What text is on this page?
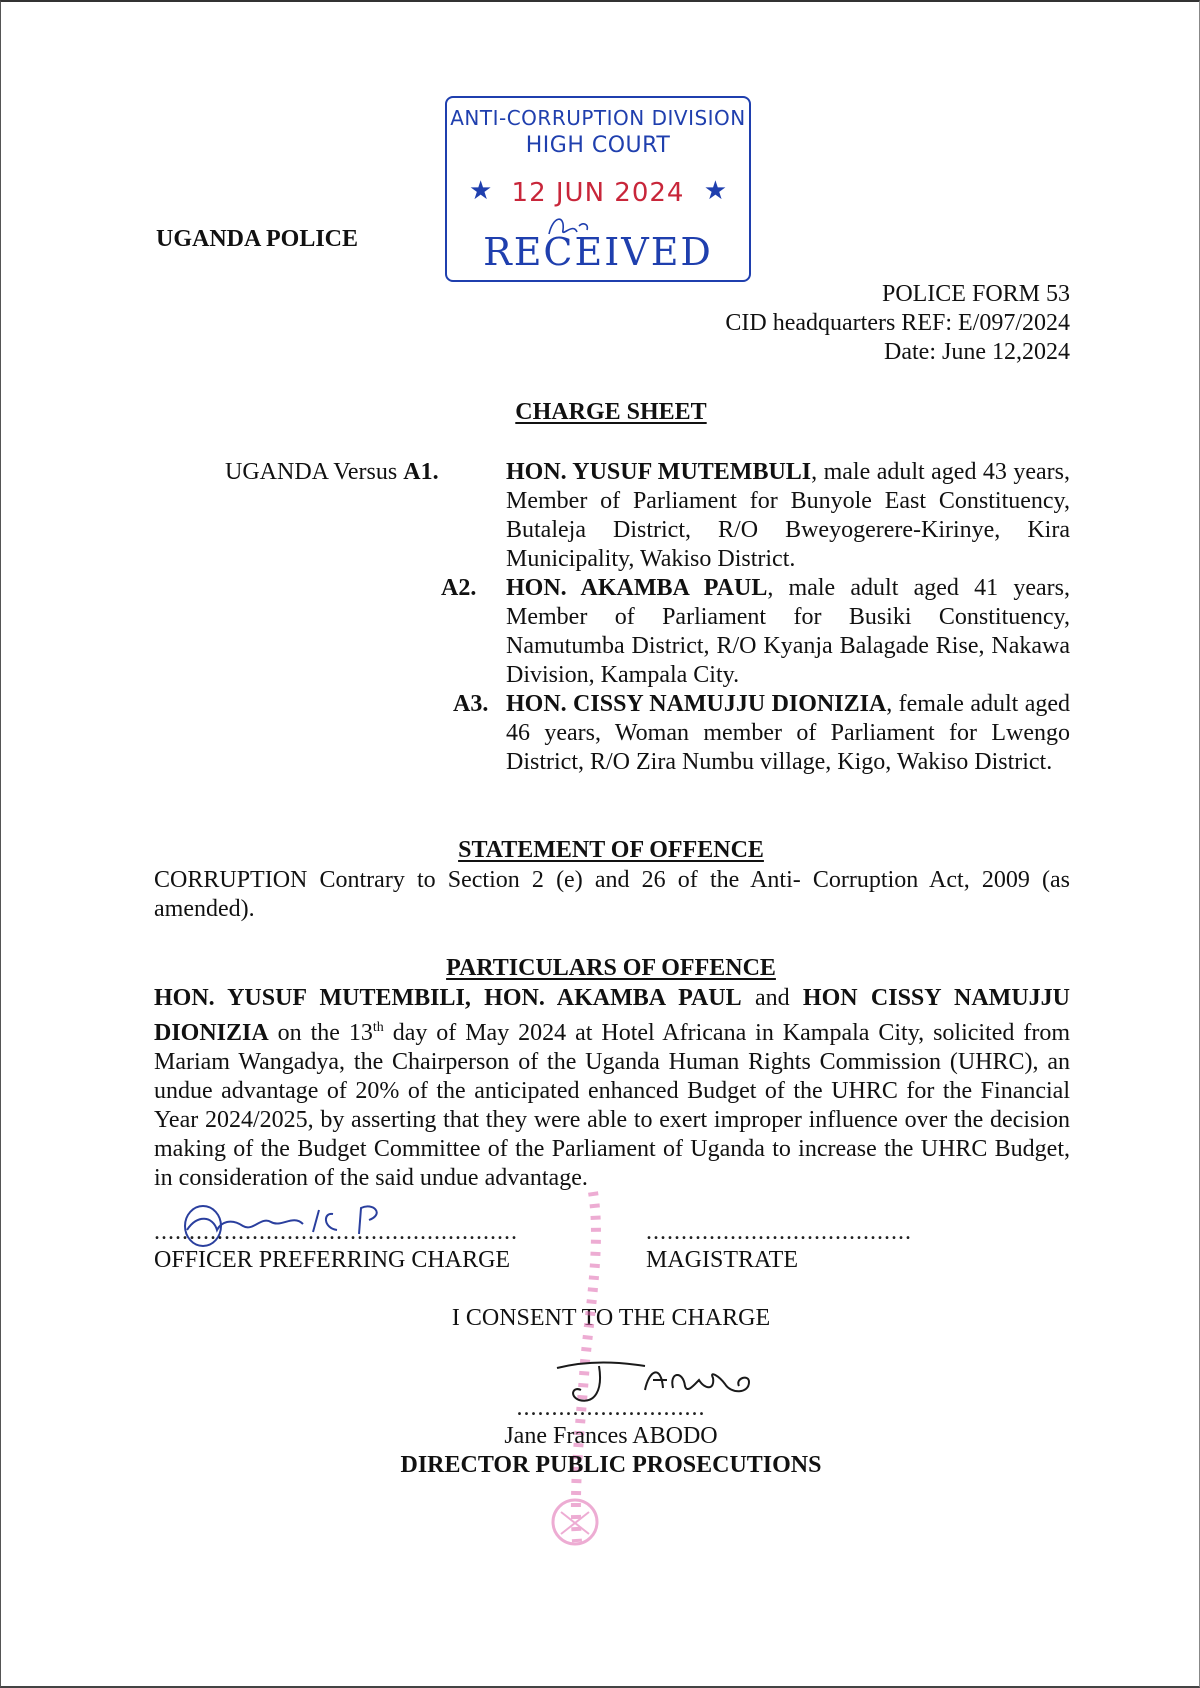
UGANDA POLICE
ANTI-CORRUPTION DIVISION
HIGH COURT
★ 12 JUN 2024 ★
RECEIVED
POLICE FORM 53
CID headquarters REF: E/097/2024
Date: June 12,2024
CHARGE SHEET
UGANDA Versus A1.	HON. YUSUF MUTEMBULI, male adult aged 43 years, Member of Parliament for Bunyole East Constituency, Butaleja District, R/O Bweyogerere-Kirinye, Kira Municipality, Wakiso District.
A2. HON. AKAMBA PAUL, male adult aged 41 years, Member of Parliament for Busiki Constituency, Namutumba District, R/O Kyanja Balagade Rise, Nakawa Division, Kampala City.
A3. HON. CISSY NAMUJJU DIONIZIA, female adult aged 46 years, Woman member of Parliament for Lwengo District, R/O Zira Numbu village, Kigo, Wakiso District.
STATEMENT OF OFFENCE
CORRUPTION Contrary to Section 2 (e) and 26 of the Anti- Corruption Act, 2009 (as amended).
PARTICULARS OF OFFENCE
HON. YUSUF MUTEMBILI, HON. AKAMBA PAUL and HON CISSY NAMUJJU DIONIZIA on the 13th day of May 2024 at Hotel Africana in Kampala City, solicited from Mariam Wangadya, the Chairperson of the Uganda Human Rights Commission (UHRC), an undue advantage of 20% of the anticipated enhanced Budget of the UHRC for the Financial Year 2024/2025, by asserting that they were able to exert improper influence over the decision making of the Budget Committee of the Parliament of Uganda to increase the UHRC Budget, in consideration of the said undue advantage.
....................................................
OFFICER PREFERRING CHARGE
......................................
MAGISTRATE
I CONSENT TO THE CHARGE
...........................
Jane Frances ABODO
DIRECTOR PUBLIC PROSECUTIONS
